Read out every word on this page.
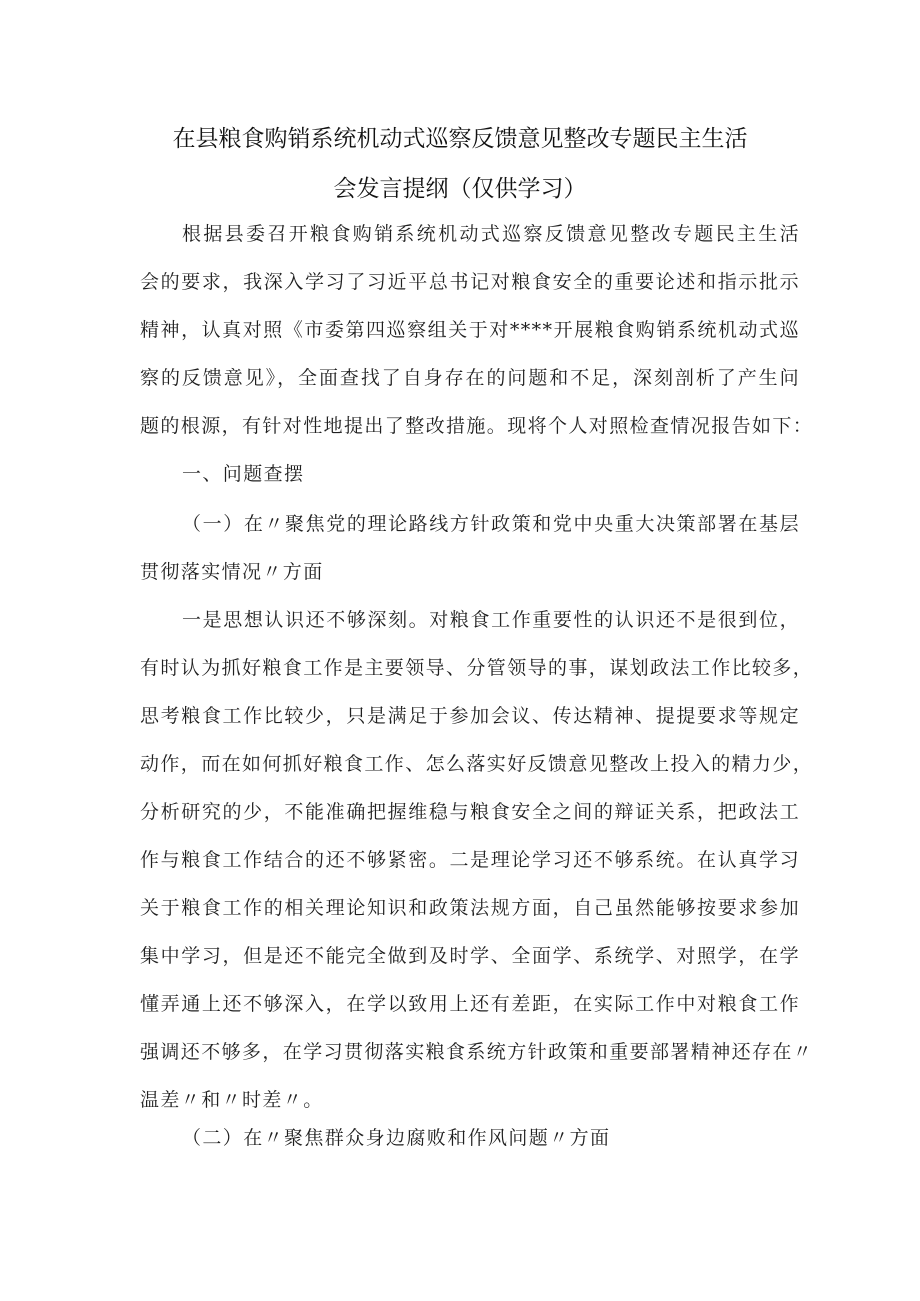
在县粮食购销系统机动式巡察反馈意见整改专题民主生活
会发言提纲（仅供学习）
根据县委召开粮食购销系统机动式巡察反馈意见整改专题民主生活
会的要求，我深入学习了习近平总书记对粮食安全的重要论述和指示批示
精神，认真对照《市委第四巡察组关于对****开展粮食购销系统机动式巡
察的反馈意见》，全面查找了自身存在的问题和不足，深刻剖析了产生问
题的根源，有针对性地提出了整改措施。现将个人对照检查情况报告如下：
一、问题查摆
（一）在〃聚焦党的理论路线方针政策和党中央重大决策部署在基层
贯彻落实情况〃方面
一是思想认识还不够深刻。对粮食工作重要性的认识还不是很到位，
有时认为抓好粮食工作是主要领导、分管领导的事，谋划政法工作比较多，
思考粮食工作比较少，只是满足于参加会议、传达精神、提提要求等规定
动作，而在如何抓好粮食工作、怎么落实好反馈意见整改上投入的精力少，
分析研究的少，不能准确把握维稳与粮食安全之间的辩证关系，把政法工
作与粮食工作结合的还不够紧密。二是理论学习还不够系统。在认真学习
关于粮食工作的相关理论知识和政策法规方面，自己虽然能够按要求参加
集中学习，但是还不能完全做到及时学、全面学、系统学、对照学，在学
懂弄通上还不够深入，在学以致用上还有差距，在实际工作中对粮食工作
强调还不够多，在学习贯彻落实粮食系统方针政策和重要部署精神还存在〃
温差〃和〃时差〃。
（二）在〃聚焦群众身边腐败和作风问题〃方面
